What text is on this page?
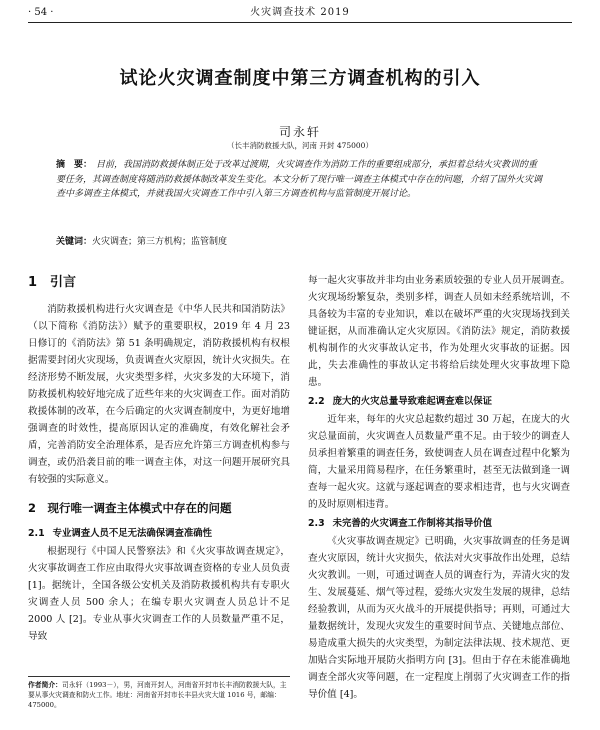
· 54 ·	火灾调查技术 2019
试论火灾调查制度中第三方调查机构的引入
司永轩
（长丰消防救援大队，河南 开封 475000）
摘　要： 目前，我国消防救援体制正处于改革过渡期，火灾调查作为消防工作的重要组成部分，承担着总结火灾教训的重要任务，其调查制度将随消防救援体制改革发生变化。本文分析了现行唯一调查主体模式中存在的问题，介绍了国外火灾调查中多调查主体模式，并就我国火灾调查工作中引入第三方调查机构与监管制度开展讨论。
关键词：火灾调查；第三方机构；监管制度
1　引言

消防救援机构进行火灾调查是《中华人民共和国消防法》（以下简称《消防法》）赋予的重要职权，2019 年 4 月 23 日修订的《消防法》第 51 条明确规定，消防救援机构有权根据需要封闭火灾现场，负责调查火灾原因，统计火灾损失。在经济形势不断发展，火灾类型多样，火灾多发的大环境下，消防救援机构较好地完成了近些年来的火灾调查工作。面对消防救援体制的改革，在今后确定的火灾调查制度中，为更好地增强调查的时效性，提高原因认定的准确度，有效化解社会矛盾，完善消防安全治理体系，是否应允许第三方调查机构参与调查，或仍沿袭目前的唯一调查主体，对这一问题开展研究具有较强的实际意义。

2　现行唯一调查主体模式中存在的问题
2.1 专业调查人员不足无法确保调查准确性

根据现行《中国人民警察法》和《火灾事故调查规定》，火灾事故调查工作应由取得火灾事故调查资格的专业人员负责 [1]。据统计，全国各级公安机关及消防救援机构共有专职火灾调查人员 500 余人；在编专职火灾调查人员总计不足 2000 人 [2]。专业从事火灾调查工作的人员数量严重不足，导致

每一起火灾事故并非均由业务素质较强的专业人员开展调查。火灾现场纷繁复杂，类别多样，调查人员如未经系统培训，不具备较为丰富的专业知识，难以在破坏严重的火灾现场找到关键证据，从而准确认定火灾原因。《消防法》规定，消防救援机构制作的火灾事故认定书，作为处理火灾事故的证据。因此，失去准确性的事故认定书将给后续处理火灾事故埋下隐患。

2.2 庞大的火灾总量导致难起调查难以保证

近年来，每年的火灾总起数约超过 30 万起，在庞大的火灾总量面前，火灾调查人员数量严重不足。由于较少的调查人员承担着繁重的调查任务，致使调查人员在调查过程中化繁为简，大量采用简易程序，在任务繁重时，甚至无法做到逢一调查每一起火灾。这就与逐起调查的要求相违背，也与火灾调查的及时原则相违背。

2.3 未完善的火灾调查工作制将其指导价值

《火灾事故调查规定》已明确，火灾事故调查的任务是调查火灾原因，统计火灾损失，依法对火灾事故作出处理，总结火灾教训。一则，可通过调查人员的调查行为，弄清火灾的发生、发展蔓延、烟气等过程，爱练火灾发生发展的规律，总结经验教训，从而为灭火战斗的开展提供指导；再则，可通过大量数据统计，发现火灾发生的重要时间节点、关键地点部位、易造成重大损失的火灾类型，为制定法律法规、技术规范、更加贴合实际地开展防火指明方向 [3]。但由于存在未能准确地调查全部火灾等问题，在一定程度上削弱了火灾调查工作的指导价值 [4]。

作者简介：司永轩（1993－），男，河南开封人，河南省开封市长丰消防救援大队，主要从事火灾调查和防火工作。地址：河南省开封市长丰县火灾大道 1016 号，邮编：475000。
